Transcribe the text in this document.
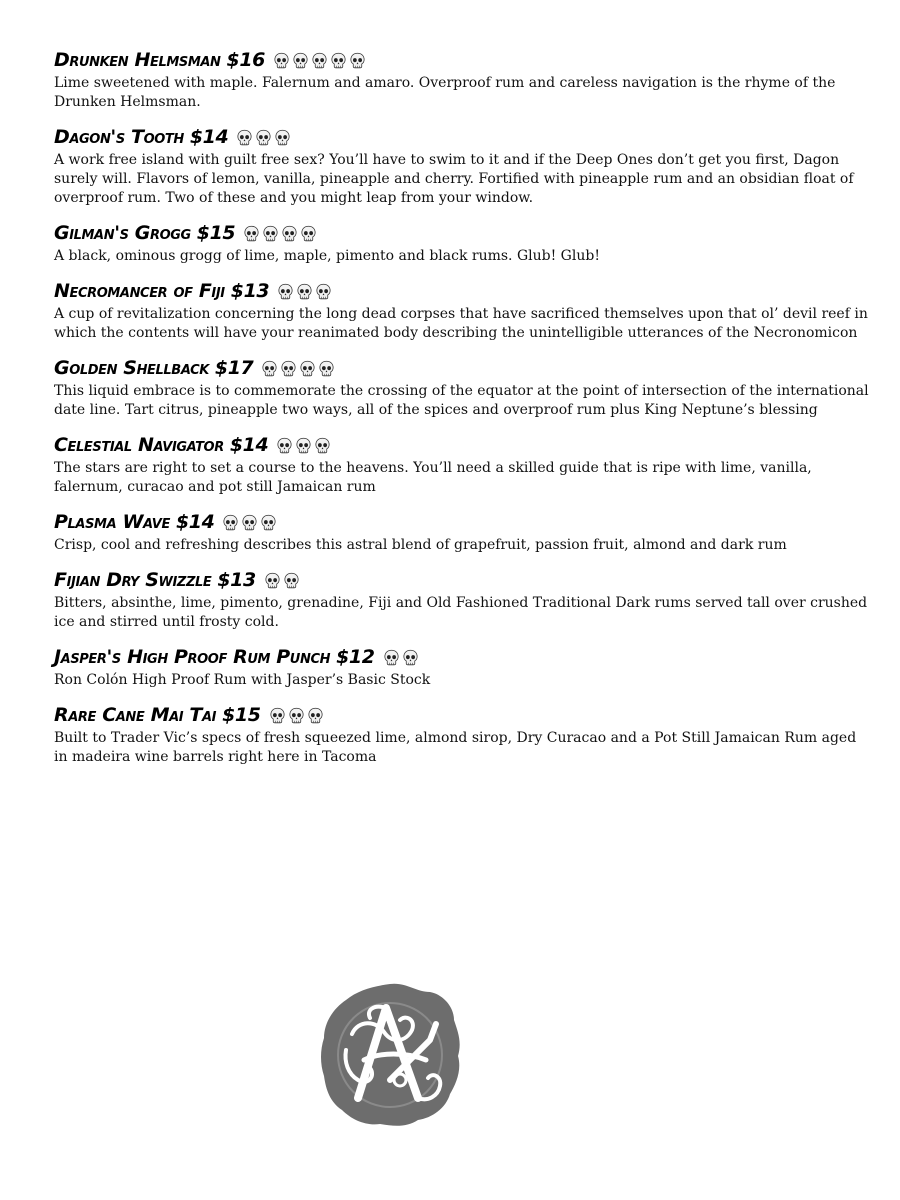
Drunken Helmsman $16
Lime sweetened with maple. Falernum and amaro. Overproof rum and careless navigation is the rhyme of the Drunken Helmsman.
Dagon's Tooth $14
A work free island with guilt free sex? You’ll have to swim to it and if the Deep Ones don’t get you first, Dagon surely will. Flavors of lemon, vanilla, pineapple and cherry. Fortified with pineapple rum and an obsidian float of overproof rum. Two of these and you might leap from your window.
Gilman's Grogg $15
A black, ominous grogg of lime, maple, pimento and black rums. Glub! Glub!
Necromancer of Fiji $13
A cup of revitalization concerning the long dead corpses that have sacrificed themselves upon that ol’ devil reef in which the contents will have your reanimated body describing the unintelligible utterances of the Necronomicon
Golden Shellback $17
This liquid embrace is to commemorate the crossing of the equator at the point of intersection of the international date line. Tart citrus, pineapple two ways, all of the spices and overproof rum plus King Neptune’s blessing
Celestial Navigator $14
The stars are right to set a course to the heavens. You’ll need a skilled guide that is ripe with lime, vanilla, falernum, curacao and pot still Jamaican rum
Plasma Wave $14
Crisp, cool and refreshing describes this astral blend of grapefruit, passion fruit, almond and dark rum
Fijian Dry Swizzle $13
Bitters, absinthe, lime, pimento, grenadine, Fiji and Old Fashioned Traditional Dark rums served tall over crushed ice and stirred until frosty cold.
Jasper's High Proof Rum Punch $12
Ron Colón High Proof Rum with Jasper’s Basic Stock
Rare Cane Mai Tai $15
Built to Trader Vic’s specs of fresh squeezed lime, almond sirop, Dry Curacao and a Pot Still Jamaican Rum aged in madeira wine barrels right here in Tacoma
